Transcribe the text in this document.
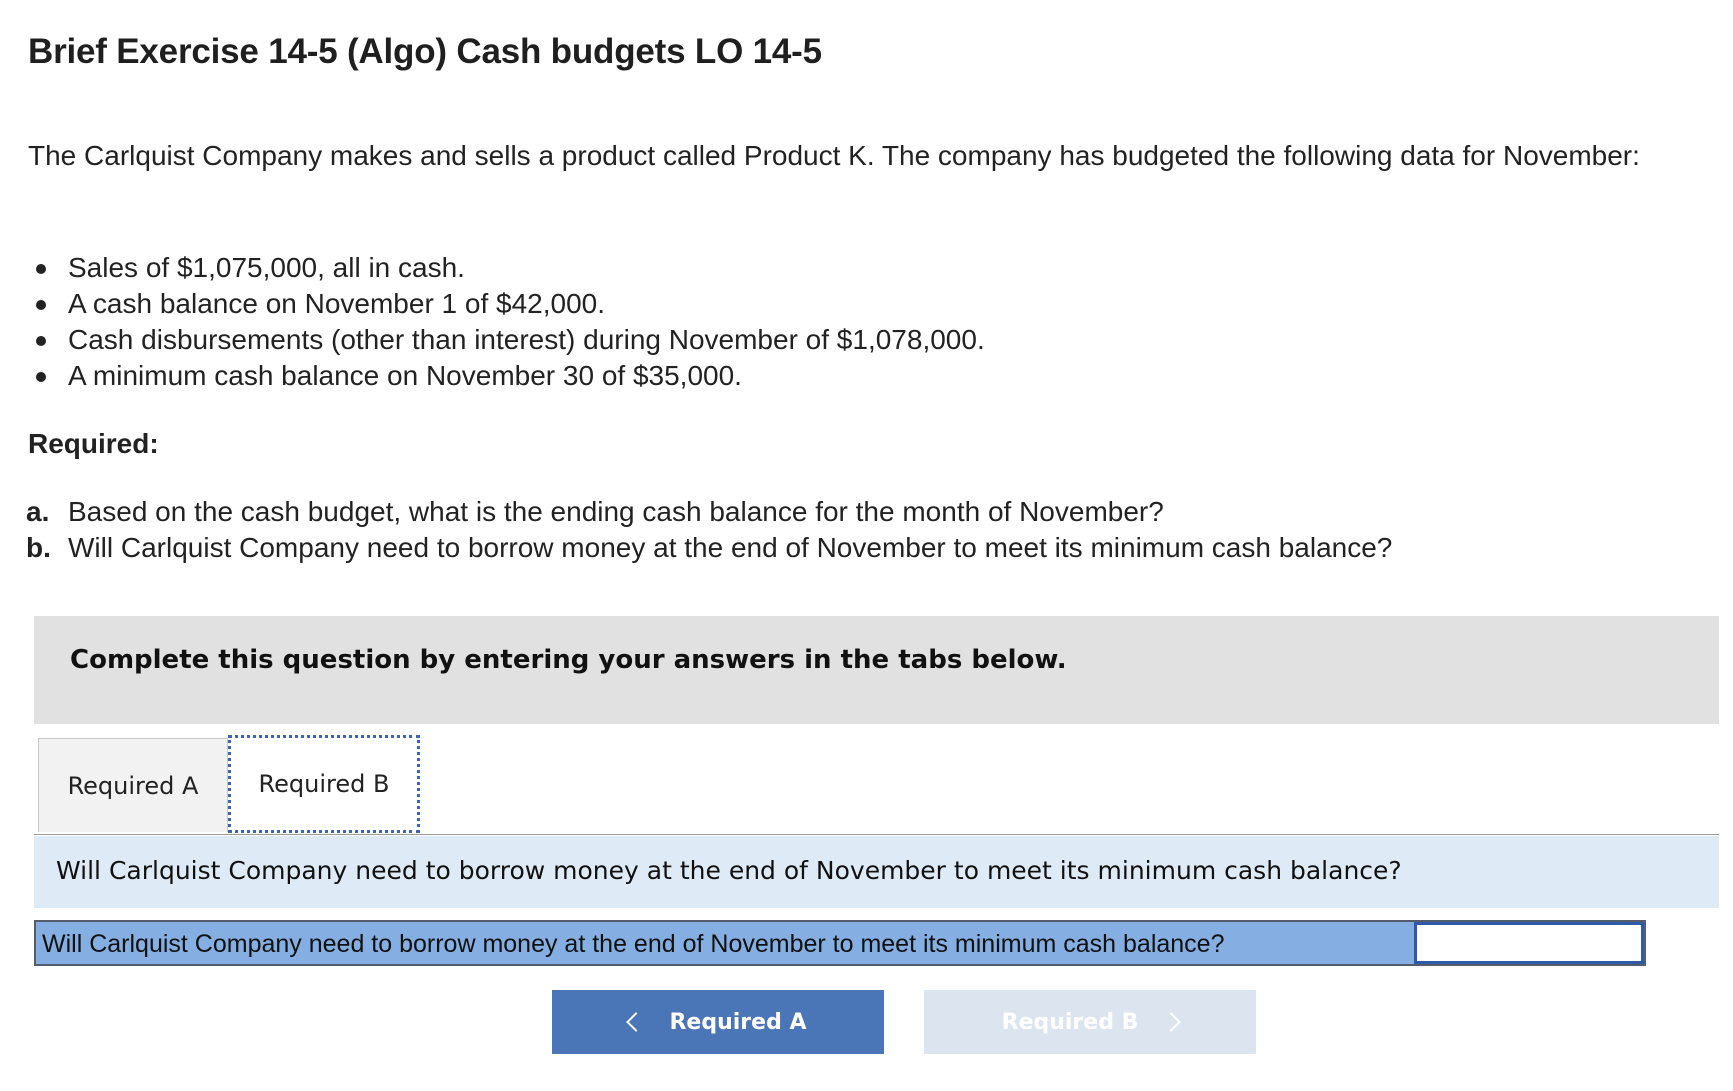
Brief Exercise 14-5 (Algo) Cash budgets LO 14-5

The Carlquist Company makes and sells a product called Product K. The company has budgeted the following data for November:

Sales of $1,075,000, all in cash.
A cash balance on November 1 of $42,000.
Cash disbursements (other than interest) during November of $1,078,000.
A minimum cash balance on November 30 of $35,000.
Required:
a. Based on the cash budget, what is the ending cash balance for the month of November?
b. Will Carlquist Company need to borrow money at the end of November to meet its minimum cash balance?

Complete this question by entering your answers in the tabs below.

Required A	Required B

Will Carlquist Company need to borrow money at the end of November to meet its minimum cash balance?

Will Carlquist Company need to borrow money at the end of November to meet its minimum cash balance?

Required A	Required B
